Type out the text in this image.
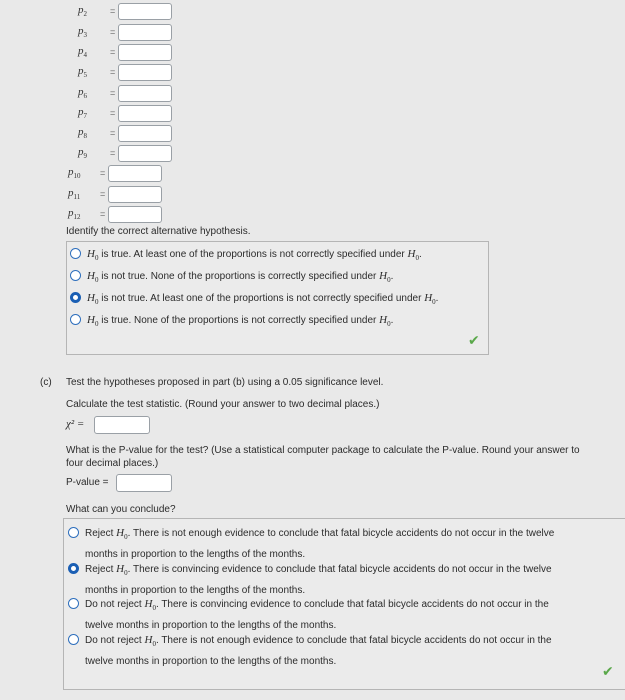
$p_2$	=
$p_3$	=
$p_4$	=
$p_5$	=
$p_6$	=
$p_7$	=
$p_8$	=
$p_9$	=
$p_{10}$	=
$p_{11}$	=
$p_{12}$	=
Identify the correct alternative hypothesis.
$H_0$ is true. At least one of the proportions is not correctly specified under $H_0$.
$H_0$ is not true. None of the proportions is correctly specified under $H_0$.
$H_0$ is not true. At least one of the proportions is not correctly specified under $H_0$.
$H_0$ is true. None of the proportions is not correctly specified under $H_0$.
✔
(c) Test the hypotheses proposed in part (b) using a 0.05 significance level.
Calculate the test statistic. (Round your answer to two decimal places.)
χ² =
What is the P-value for the test? (Use a statistical computer package to calculate the P-value. Round your answer to
four decimal places.)
P-value =
What can you conclude?
Reject $H_0$. There is not enough evidence to conclude that fatal bicycle accidents do not occur in the twelve
months in proportion to the lengths of the months.
Reject $H_0$. There is convincing evidence to conclude that fatal bicycle accidents do not occur in the twelve
months in proportion to the lengths of the months.
Do not reject $H_0$. There is convincing evidence to conclude that fatal bicycle accidents do not occur in the
twelve months in proportion to the lengths of the months.
Do not reject $H_0$. There is not enough evidence to conclude that fatal bicycle accidents do not occur in the
twelve months in proportion to the lengths of the months.
✔
